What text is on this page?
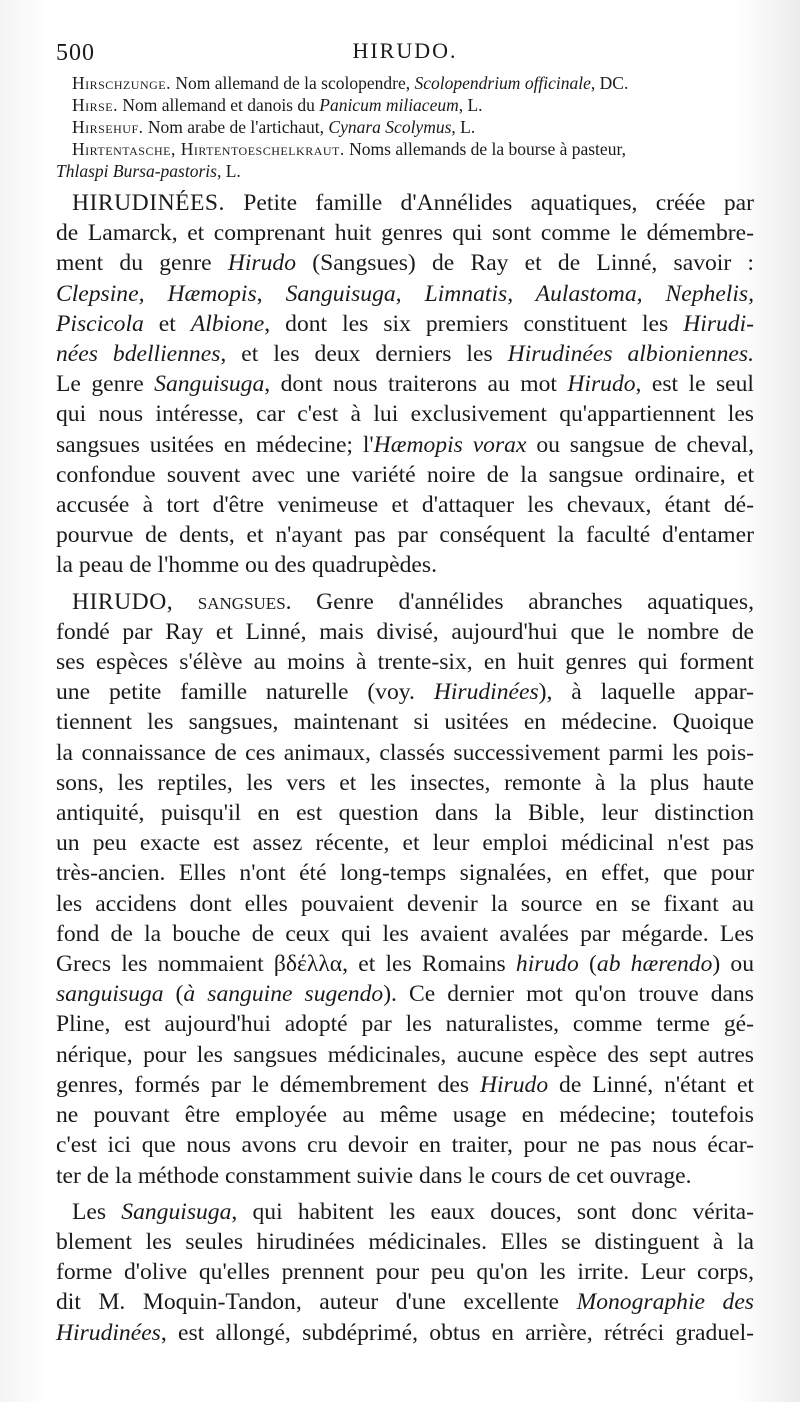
500	HIRUDO.

Hirschzunge. Nom allemand de la scolopendre, Scolopendrium officinale, DC.

Hirse. Nom allemand et danois du Panicum miliaceum, L.

Hirsehuf. Nom arabe de l'artichaut, Cynara Scolymus, L.

Hirtentasche, Hirtentoeschelkraut. Noms allemands de la bourse à pasteur,

Thlaspi Bursa-pastoris, L.

HIRUDINÉES. Petite famille d'Annélides aquatiques, créée par
de Lamarck, et comprenant huit genres qui sont comme le démembre-
ment du genre Hirudo (Sangsues) de Ray et de Linné, savoir :
Clepsine, Hæmopis, Sanguisuga, Limnatis, Aulastoma, Nephelis,
Piscicola et Albione, dont les six premiers constituent les Hirudi-
nées bdelliennes, et les deux derniers les Hirudinées albioniennes.
Le genre Sanguisuga, dont nous traiterons au mot Hirudo, est le seul
qui nous intéresse, car c'est à lui exclusivement qu'appartiennent les
sangsues usitées en médecine; l'Hæmopis vorax ou sangsue de cheval,
confondue souvent avec une variété noire de la sangsue ordinaire, et
accusée à tort d'être venimeuse et d'attaquer les chevaux, étant dé-
pourvue de dents, et n'ayant pas par conséquent la faculté d'entamer
la peau de l'homme ou des quadrupèdes.
HIRUDO, sangsues. Genre d'annélides abranches aquatiques,
fondé par Ray et Linné, mais divisé, aujourd'hui que le nombre de
ses espèces s'élève au moins à trente-six, en huit genres qui forment
une petite famille naturelle (voy. Hirudinées), à laquelle appar-
tiennent les sangsues, maintenant si usitées en médecine. Quoique
la connaissance de ces animaux, classés successivement parmi les pois-
sons, les reptiles, les vers et les insectes, remonte à la plus haute
antiquité, puisqu'il en est question dans la Bible, leur distinction
un peu exacte est assez récente, et leur emploi médicinal n'est pas
très-ancien. Elles n'ont été long-temps signalées, en effet, que pour
les accidens dont elles pouvaient devenir la source en se fixant au
fond de la bouche de ceux qui les avaient avalées par mégarde. Les
Grecs les nommaient βδέλλα, et les Romains hirudo (ab hærendo) ou
sanguisuga (à sanguine sugendo). Ce dernier mot qu'on trouve dans
Pline, est aujourd'hui adopté par les naturalistes, comme terme gé-
nérique, pour les sangsues médicinales, aucune espèce des sept autres
genres, formés par le démembrement des Hirudo de Linné, n'étant et
ne pouvant être employée au même usage en médecine; toutefois
c'est ici que nous avons cru devoir en traiter, pour ne pas nous écar-
ter de la méthode constamment suivie dans le cours de cet ouvrage.
Les Sanguisuga, qui habitent les eaux douces, sont donc vérita-
blement les seules hirudinées médicinales. Elles se distinguent à la
forme d'olive qu'elles prennent pour peu qu'on les irrite. Leur corps,
dit M. Moquin-Tandon, auteur d'une excellente Monographie des
Hirudinées, est allongé, subdéprimé, obtus en arrière, rétréci graduel-
